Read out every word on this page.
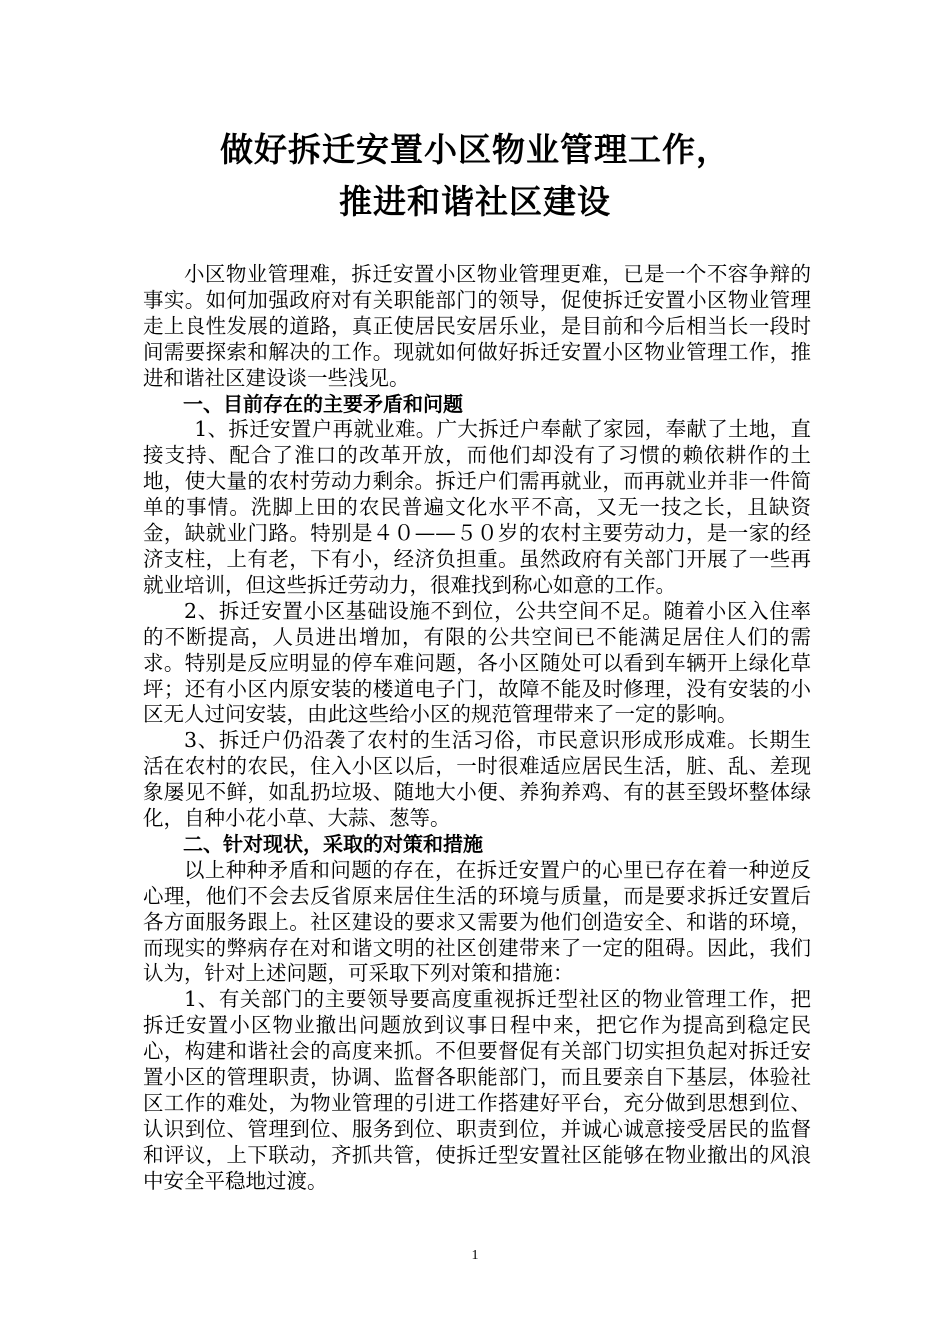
做好拆迁安置小区物业管理工作，
推进和谐社区建设

小区物业管理难，拆迁安置小区物业管理更难，已是一个不容争辩的事实。如何加强政府对有关职能部门的领导，促使拆迁安置小区物业管理走上良性发展的道路，真正使居民安居乐业，是目前和今后相当长一段时间需要探索和解决的工作。现就如何做好拆迁安置小区物业管理工作，推进和谐社区建设谈一些浅见。

一、目前存在的主要矛盾和问题

1、拆迁安置户再就业难。广大拆迁户奉献了家园，奉献了土地，直接支持、配合了淮口的改革开放，而他们却没有了习惯的赖依耕作的土地，使大量的农村劳动力剩余。拆迁户们需再就业，而再就业并非一件简单的事情。洗脚上田的农民普遍文化水平不高，又无一技之长，且缺资金，缺就业门路。特别是４０——５０岁的农村主要劳动力，是一家的经济支柱，上有老，下有小，经济负担重。虽然政府有关部门开展了一些再就业培训，但这些拆迁劳动力，很难找到称心如意的工作。

2、拆迁安置小区基础设施不到位，公共空间不足。随着小区入住率的不断提高，人员进出增加，有限的公共空间已不能满足居住人们的需求。特别是反应明显的停车难问题，各小区随处可以看到车辆开上绿化草坪；还有小区内原安装的楼道电子门，故障不能及时修理，没有安装的小区无人过问安装，由此这些给小区的规范管理带来了一定的影响。

3、拆迁户仍沿袭了农村的生活习俗，市民意识形成形成难。长期生活在农村的农民，住入小区以后，一时很难适应居民生活，脏、乱、差现象屡见不鲜，如乱扔垃圾、随地大小便、养狗养鸡、有的甚至毁坏整体绿化，自种小花小草、大蒜、葱等。

二、针对现状，采取的对策和措施

以上种种矛盾和问题的存在，在拆迁安置户的心里已存在着一种逆反心理，他们不会去反省原来居住生活的环境与质量，而是要求拆迁安置后各方面服务跟上。社区建设的要求又需要为他们创造安全、和谐的环境，而现实的弊病存在对和谐文明的社区创建带来了一定的阻碍。因此，我们认为，针对上述问题，可采取下列对策和措施：

1、有关部门的主要领导要高度重视拆迁型社区的物业管理工作，把拆迁安置小区物业撤出问题放到议事日程中来，把它作为提高到稳定民心，构建和谐社会的高度来抓。不但要督促有关部门切实担负起对拆迁安置小区的管理职责，协调、监督各职能部门，而且要亲自下基层，体验社区工作的难处，为物业管理的引进工作搭建好平台，充分做到思想到位、认识到位、管理到位、服务到位、职责到位，并诚心诚意接受居民的监督和评议，上下联动，齐抓共管，使拆迁型安置社区能够在物业撤出的风浪中安全平稳地过渡。

1
